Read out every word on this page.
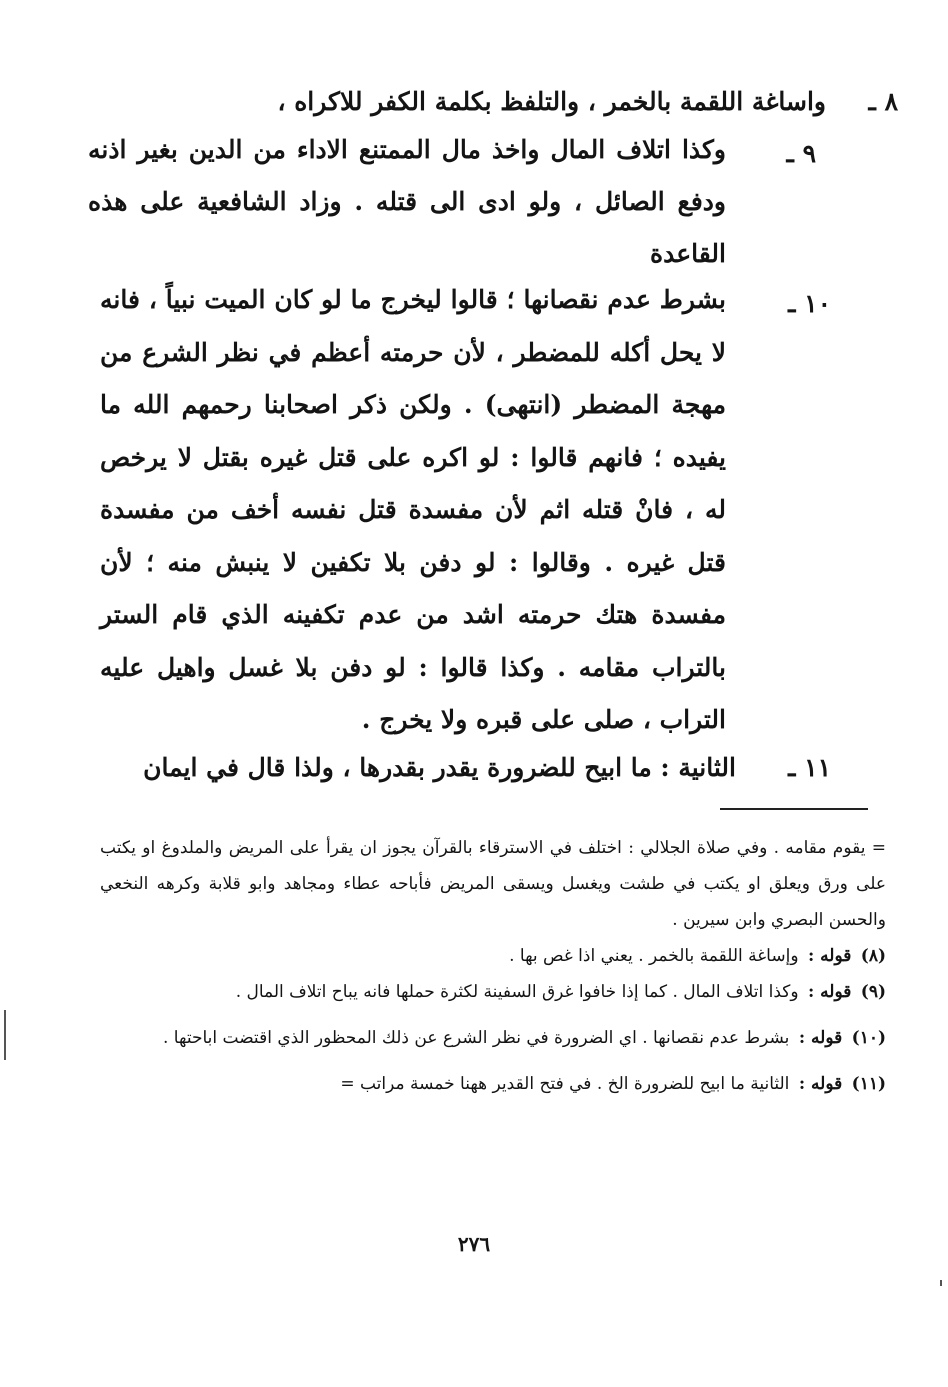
٨ ـ
واساغة اللقمة بالخمر ، والتلفظ بكلمة الكفر للاكراه ،
٩ ـ
وكذا اتلاف المال واخذ مال الممتنع الاداء من الدين بغير اذنه ودفع الصائل ، ولو ادى الى قتله . وزاد الشافعية على هذه القاعدة
١٠ ـ
بشرط عدم نقصانها ؛ قالوا ليخرج ما لو كان الميت نبياً ، فانه لا يحل أكله للمضطر ، لأن حرمته أعظم في نظر الشرع من مهجة المضطر (انتهى) . ولكن ذكر اصحابنا رحمهم الله ما يفيده ؛ فانهم قالوا : لو اكره على قتل غيره بقتل لا يرخص له ، فانْ قتله اثم لأن مفسدة قتل نفسه أخف من مفسدة قتل غيره . وقالوا : لو دفن بلا تكفين لا ينبش منه ؛ لأن مفسدة هتك حرمته اشد من عدم تكفينه الذي قام الستر بالتراب مقامه . وكذا قالوا : لو دفن بلا غسل واهيل عليه التراب ، صلى على قبره ولا يخرج .
١١ ـ
الثانية : ما ابيح للضرورة يقدر بقدرها ، ولذا قال في ايمان
= يقوم مقامه . وفي صلاة الجلالي : اختلف في الاسترقاء بالقرآن يجوز ان يقرأ على المريض والملدوغ او يكتب على ورق ويعلق او يكتب في طشت ويغسل ويسقى المريض فأباحه عطاء ومجاهد وابو قلابة وكرهه النخعي والحسن البصري وابن سيرين .
(٨) قوله : وإساغة اللقمة بالخمر . يعني اذا غص بها .
(٩) قوله : وكذا اتلاف المال . كما إذا خافوا غرق السفينة لكثرة حملها فانه يباح اتلاف المال .
(١٠) قوله : بشرط عدم نقصانها . اي الضرورة في نظر الشرع عن ذلك المحظور الذي اقتضت اباحتها .
(١١) قوله : الثانية ما ابيح للضرورة الخ . في فتح القدير ههنا خمسة مراتب =
٢٧٦
